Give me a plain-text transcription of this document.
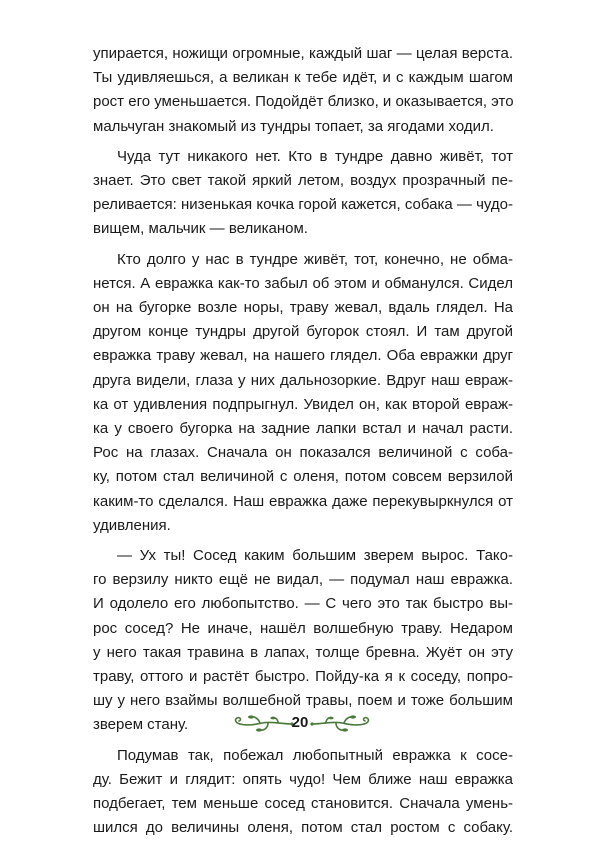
упирается, ножищи огромные, каждый шаг — целая верста.
Ты удивляешься, а великан к тебе идёт, и с каждым шагом
рост его уменьшается. Подойдёт близко, и оказывается, это
мальчуган знакомый из тундры топает, за ягодами ходил.
Чуда тут никакого нет. Кто в тундре давно живёт, тот
знает. Это свет такой яркий летом, воздух прозрачный пе-
реливается: низенькая кочка горой кажется, собака — чудо-
вищем, мальчик — великаном.
Кто долго у нас в тундре живёт, тот, конечно, не обма-
нется. А евражка как-то забыл об этом и обманулся. Сидел
он на бугорке возле норы, траву жевал, вдаль глядел. На
другом конце тундры другой бугорок стоял. И там другой
евражка траву жевал, на нашего глядел. Оба евражки друг
друга видели, глаза у них дальнозоркие. Вдруг наш евраж-
ка от удивления подпрыгнул. Увидел он, как второй евраж-
ка у своего бугорка на задние лапки встал и начал расти.
Рос на глазах. Сначала он показался величиной с соба-
ку, потом стал величиной с оленя, потом совсем верзилой
каким-то сделался. Наш евражка даже перекувыркнулся от
удивления.
— Ух ты! Сосед каким большим зверем вырос. Тако-
го верзилу никто ещё не видал, — подумал наш евражка.
И одолело его любопытство. — С чего это так быстро вы-
рос сосед? Не иначе, нашёл волшебную траву. Недаром
у него такая травина в лапах, толще бревна. Жуёт он эту
траву, оттого и растёт быстро. Пойду-ка я к соседу, попро-
шу у него взаймы волшебной травы, поем и тоже большим
зверем стану.
Подумав так, побежал любопытный евражка к сосе-
ду. Бежит и глядит: опять чудо! Чем ближе наш евражка
подбегает, тем меньше сосед становится. Сначала умень-
шился до величины оленя, потом стал ростом с собаку.
20
